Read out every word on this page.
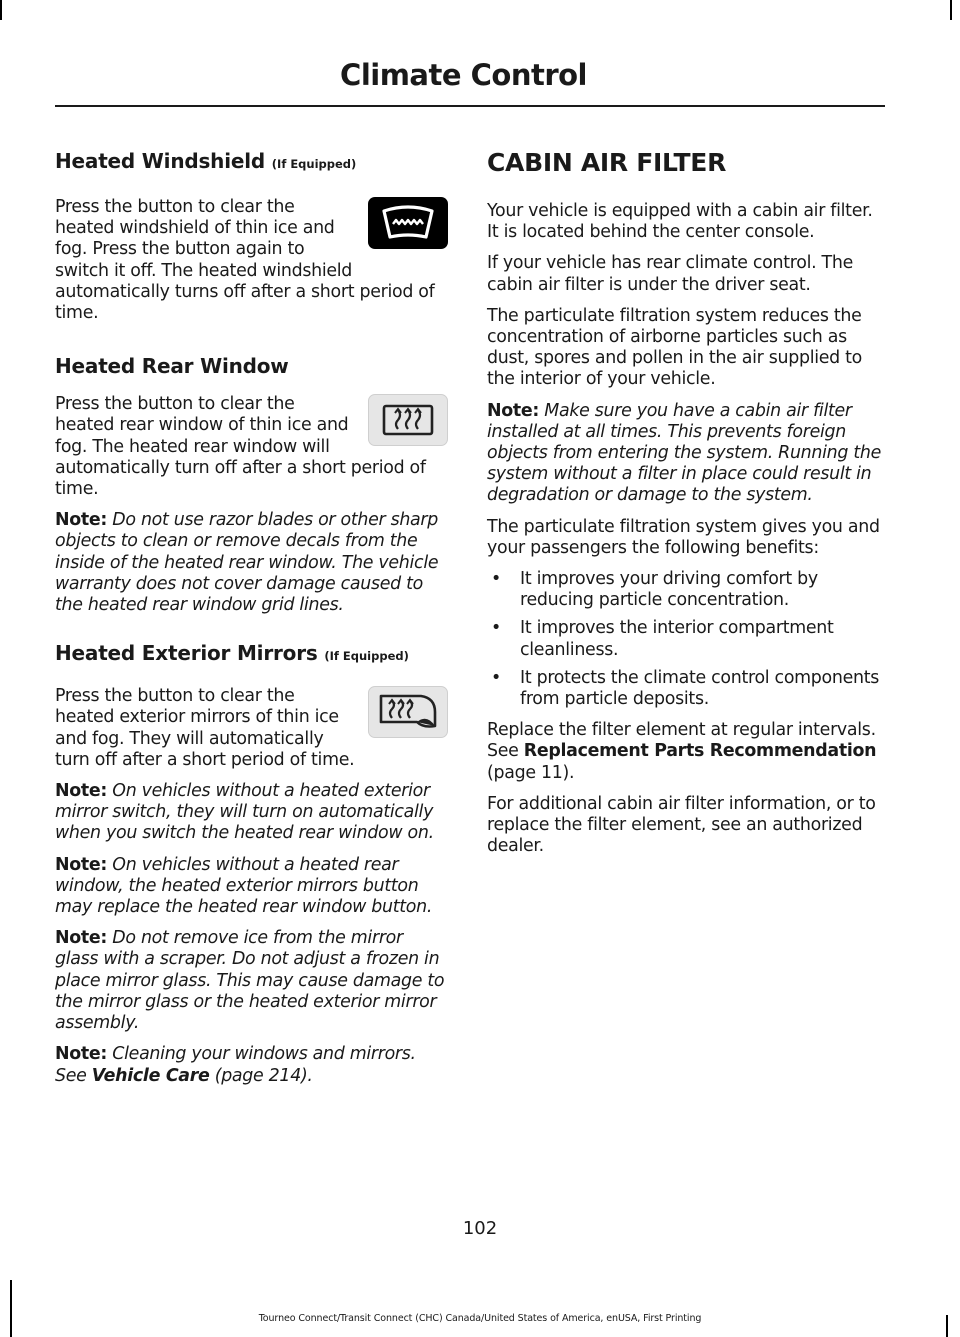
Climate Control
Heated Windshield (If Equipped)

Press the button to clear the heated windshield of thin ice and fog. Press the button again to switch it off. The heated windshield automatically turns off after a short period of time.

Heated Rear Window

Press the button to clear the heated rear window of thin ice and fog. The heated rear window will automatically turn off after a short period of time.

Note: Do not use razor blades or other sharp objects to clean or remove decals from the inside of the heated rear window. The vehicle warranty does not cover damage caused to the heated rear window grid lines.

Heated Exterior Mirrors (If Equipped)

Press the button to clear the heated exterior mirrors of thin ice and fog. They will automatically turn off after a short period of time.

Note: On vehicles without a heated exterior mirror switch, they will turn on automatically when you switch the heated rear window on.

Note: On vehicles without a heated rear window, the heated exterior mirrors button may replace the heated rear window button.

Note: Do not remove ice from the mirror glass with a scraper. Do not adjust a frozen in place mirror glass. This may cause damage to the mirror glass or the heated exterior mirror assembly.

Note: Cleaning your windows and mirrors. See Vehicle Care (page 214).

CABIN AIR FILTER

Your vehicle is equipped with a cabin air filter. It is located behind the center console.

If your vehicle has rear climate control. The cabin air filter is under the driver seat.

The particulate filtration system reduces the concentration of airborne particles such as dust, spores and pollen in the air supplied to the interior of your vehicle.

Note: Make sure you have a cabin air filter installed at all times. This prevents foreign objects from entering the system. Running the system without a filter in place could result in degradation or damage to the system.

The particulate filtration system gives you and your passengers the following benefits:

• It improves your driving comfort by reducing particle concentration.
• It improves the interior compartment cleanliness.
• It protects the climate control components from particle deposits.

Replace the filter element at regular intervals. See Replacement Parts Recommendation (page 11).

For additional cabin air filter information, or to replace the filter element, see an authorized dealer.

102
Tourneo Connect/Transit Connect (CHC) Canada/United States of America, enUSA, First Printing
